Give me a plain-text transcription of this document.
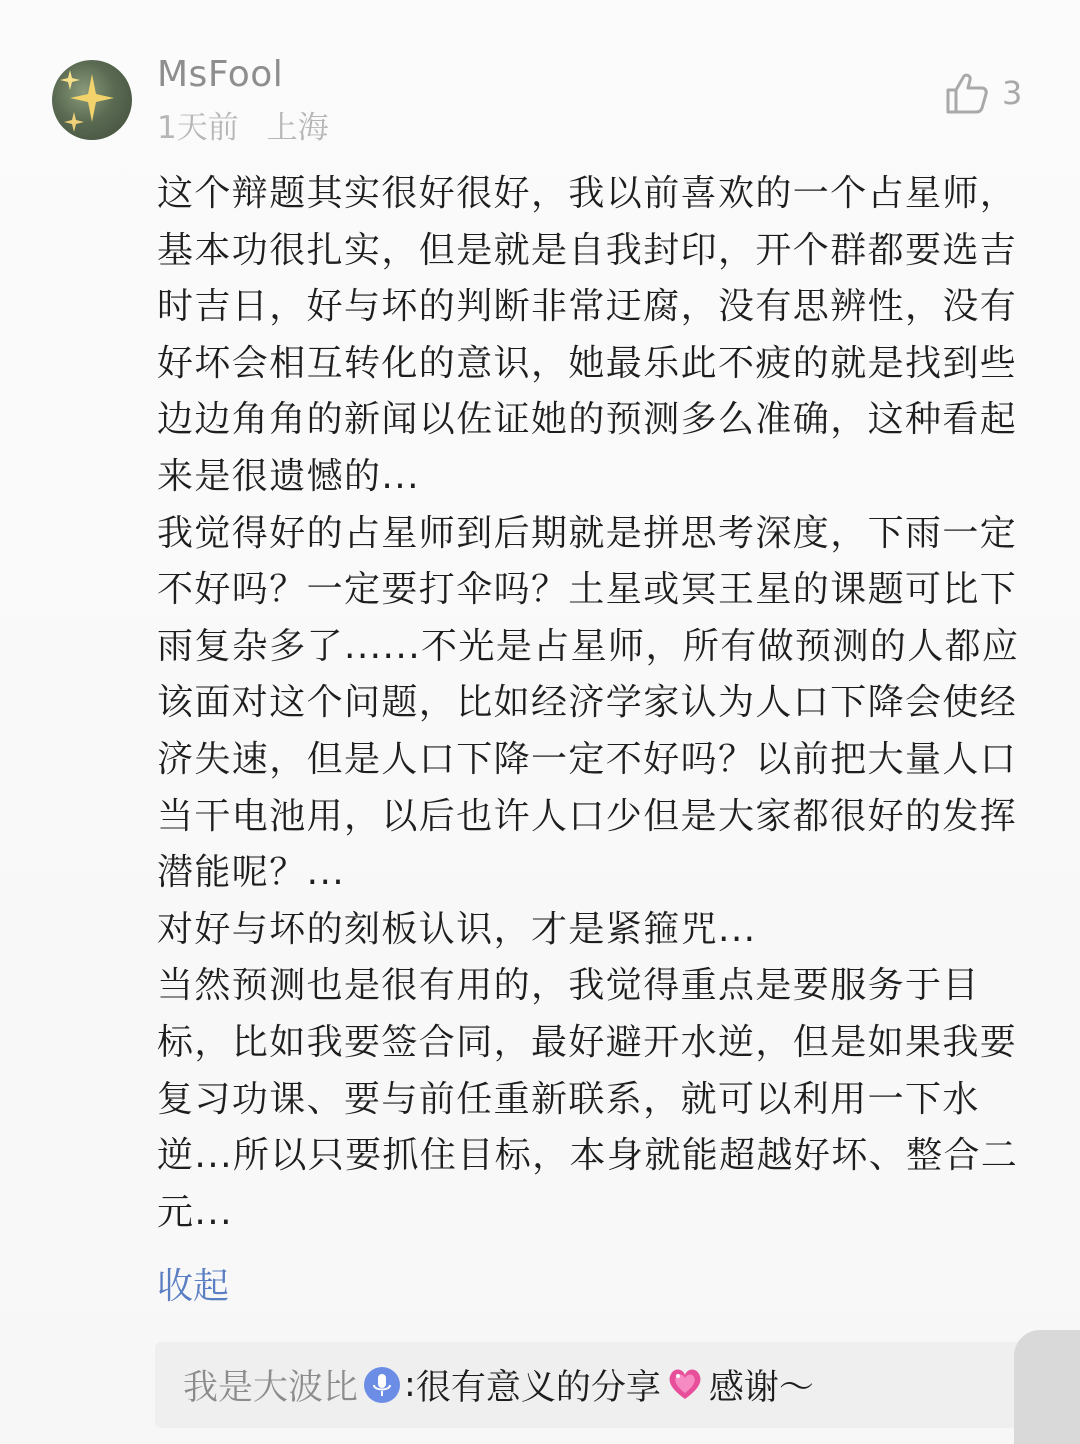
MsFool
1天前 上海
3

这个辩题其实很好很好，我以前喜欢的一个占星师，基本功很扎实，但是就是自我封印，开个群都要选吉时吉日，好与坏的判断非常迂腐，没有思辨性，没有好坏会相互转化的意识，她最乐此不疲的就是找到些边边角角的新闻以佐证她的预测多么准确，这种看起来是很遗憾的...

我觉得好的占星师到后期就是拼思考深度，下雨一定不好吗？一定要打伞吗？土星或冥王星的课题可比下雨复杂多了......不光是占星师，所有做预测的人都应该面对这个问题，比如经济学家认为人口下降会使经济失速，但是人口下降一定不好吗？以前把大量人口当干电池用，以后也许人口少但是大家都很好的发挥潜能呢？...

对好与坏的刻板认识，才是紧箍咒...

当然预测也是很有用的，我觉得重点是要服务于目标，比如我要签合同，最好避开水逆，但是如果我要复习功课、要与前任重新联系，就可以利用一下水逆...所以只要抓住目标，本身就能超越好坏、整合二元...

收起
我是大波比 : 很有意义的分享 感谢～
